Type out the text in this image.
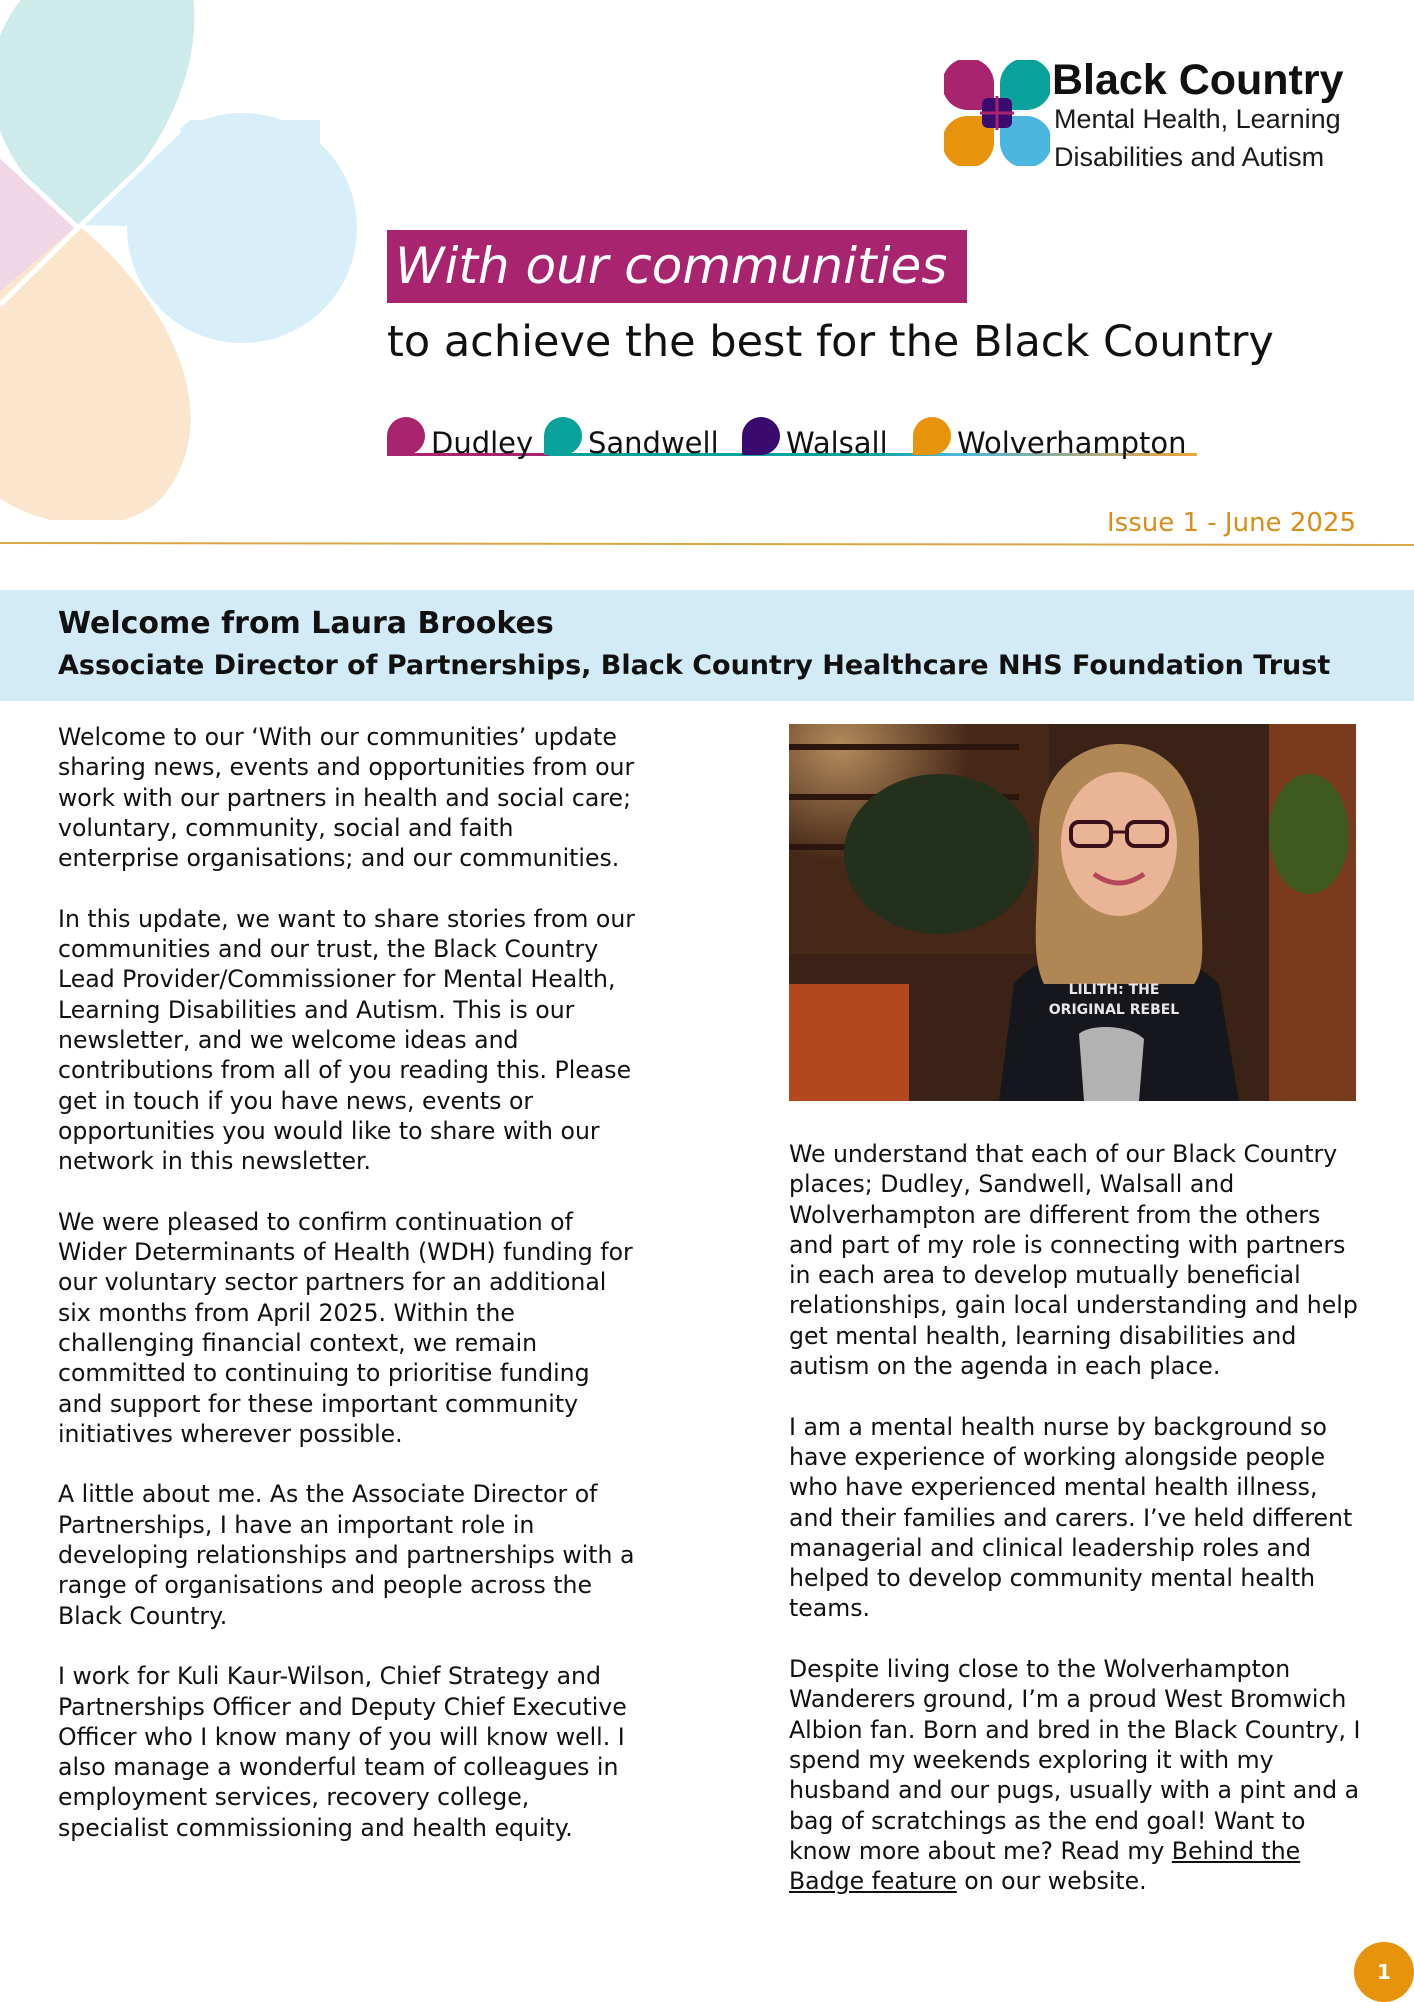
Black Country
Mental Health, Learning Disabilities and Autism
With our communities
to achieve the best for the Black Country
Dudley Sandwell Walsall Wolverhampton
Issue 1 - June 2025
Welcome from Laura Brookes
Associate Director of Partnerships, Black Country Healthcare NHS Foundation Trust

Welcome to our ‘With our communities’ update sharing news, events and opportunities from our work with our partners in health and social care; voluntary, community, social and faith enterprise organisations; and our communities.

In this update, we want to share stories from our communities and our trust, the Black Country Lead Provider/Commissioner for Mental Health, Learning Disabilities and Autism. This is our newsletter, and we welcome ideas and contributions from all of you reading this. Please get in touch if you have news, events or opportunities you would like to share with our network in this newsletter.

We were pleased to confirm continuation of Wider Determinants of Health (WDH) funding for our voluntary sector partners for an additional six months from April 2025. Within the challenging financial context, we remain committed to continuing to prioritise funding and support for these important community initiatives wherever possible.

A little about me. As the Associate Director of Partnerships, I have an important role in developing relationships and partnerships with a range of organisations and people across the Black Country.

I work for Kuli Kaur-Wilson, Chief Strategy and Partnerships Officer and Deputy Chief Executive Officer who I know many of you will know well. I also manage a wonderful team of colleagues in employment services, recovery college, specialist commissioning and health equity.

LILITH: THE
ORIGINAL REBEL

We understand that each of our Black Country places; Dudley, Sandwell, Walsall and Wolverhampton are different from the others and part of my role is connecting with partners in each area to develop mutually beneficial relationships, gain local understanding and help get mental health, learning disabilities and autism on the agenda in each place.

I am a mental health nurse by background so have experience of working alongside people who have experienced mental health illness, and their families and carers. I’ve held different managerial and clinical leadership roles and helped to develop community mental health teams.

Despite living close to the Wolverhampton Wanderers ground, I’m a proud West Bromwich Albion fan. Born and bred in the Black Country, I spend my weekends exploring it with my husband and our pugs, usually with a pint and a bag of scratchings as the end goal! Want to know more about me? Read my Behind the Badge feature on our website.

1
